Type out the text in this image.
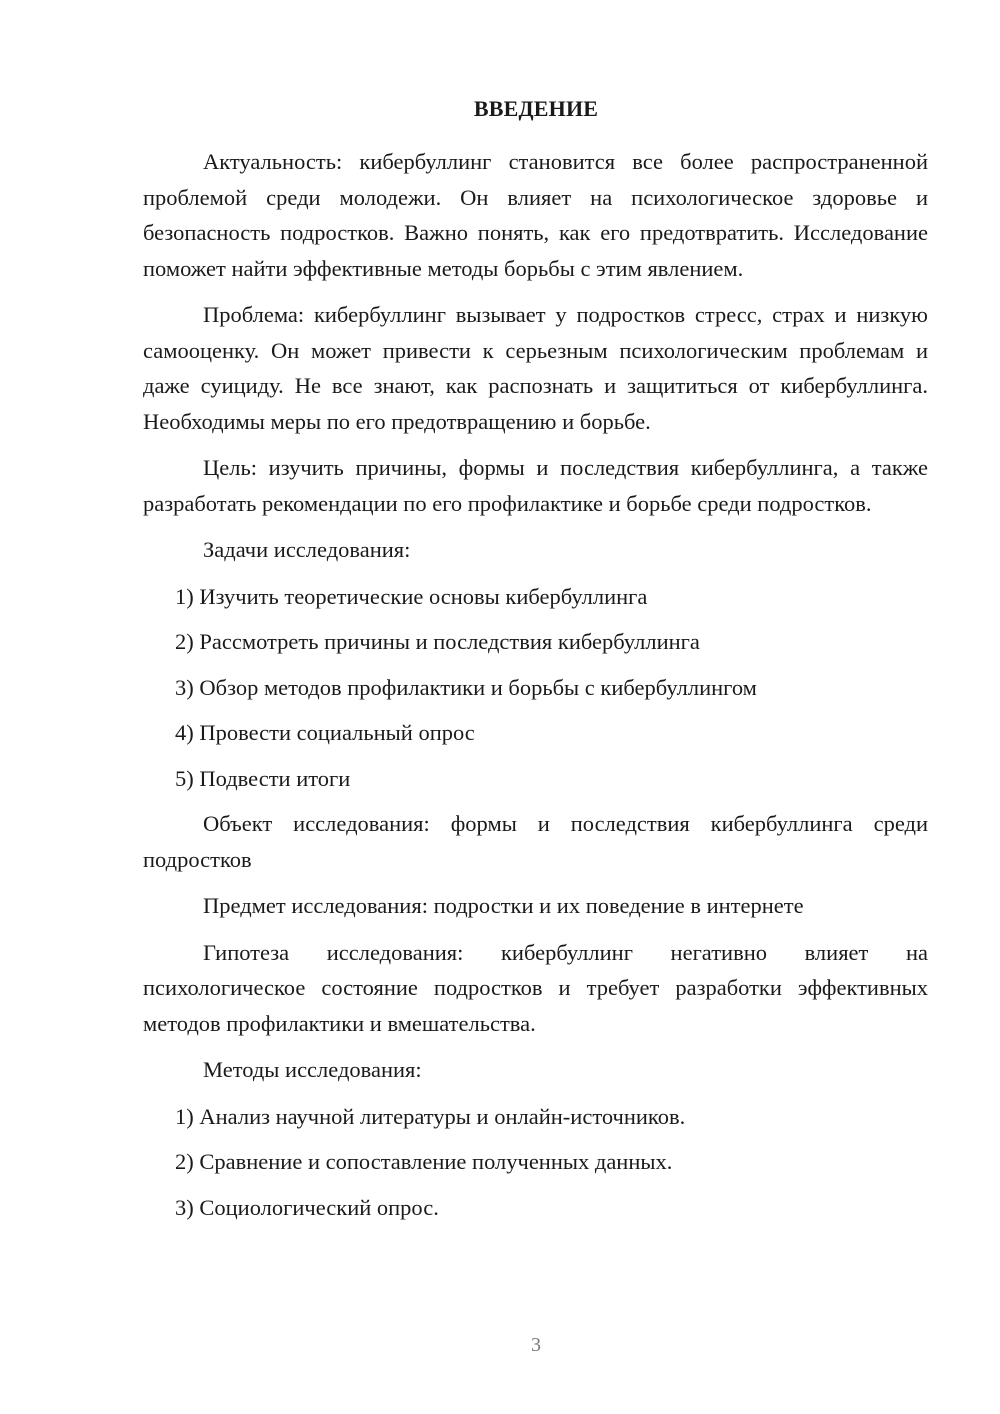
ВВЕДЕНИЕ

Актуальность: кибербуллинг становится все более распространенной проблемой среди молодежи. Он влияет на психологическое здоровье и безопасность подростков. Важно понять, как его предотвратить. Исследование поможет найти эффективные методы борьбы с этим явлением.

Проблема: кибербуллинг вызывает у подростков стресс, страх и низкую самооценку. Он может привести к серьезным психологическим проблемам и даже суициду. Не все знают, как распознать и защититься от кибербуллинга. Необходимы меры по его предотвращению и борьбе.

Цель: изучить причины, формы и последствия кибербуллинга, а также разработать рекомендации по его профилактике и борьбе среди подростков.

Задачи исследования:

1) Изучить теоретические основы кибербуллинга
2) Рассмотреть причины и последствия кибербуллинга
3) Обзор методов профилактики и борьбы с кибербуллингом
4) Провести социальный опрос
5) Подвести итоги

Объект исследования: формы и последствия кибербуллинга среди подростков

Предмет исследования: подростки и их поведение в интернете

Гипотеза исследования: кибербуллинг негативно влияет на психологическое состояние подростков и требует разработки эффективных методов профилактики и вмешательства.

Методы исследования:

1) Анализ научной литературы и онлайн-источников.
2) Сравнение и сопоставление полученных данных.
3) Социологический опрос.
3
